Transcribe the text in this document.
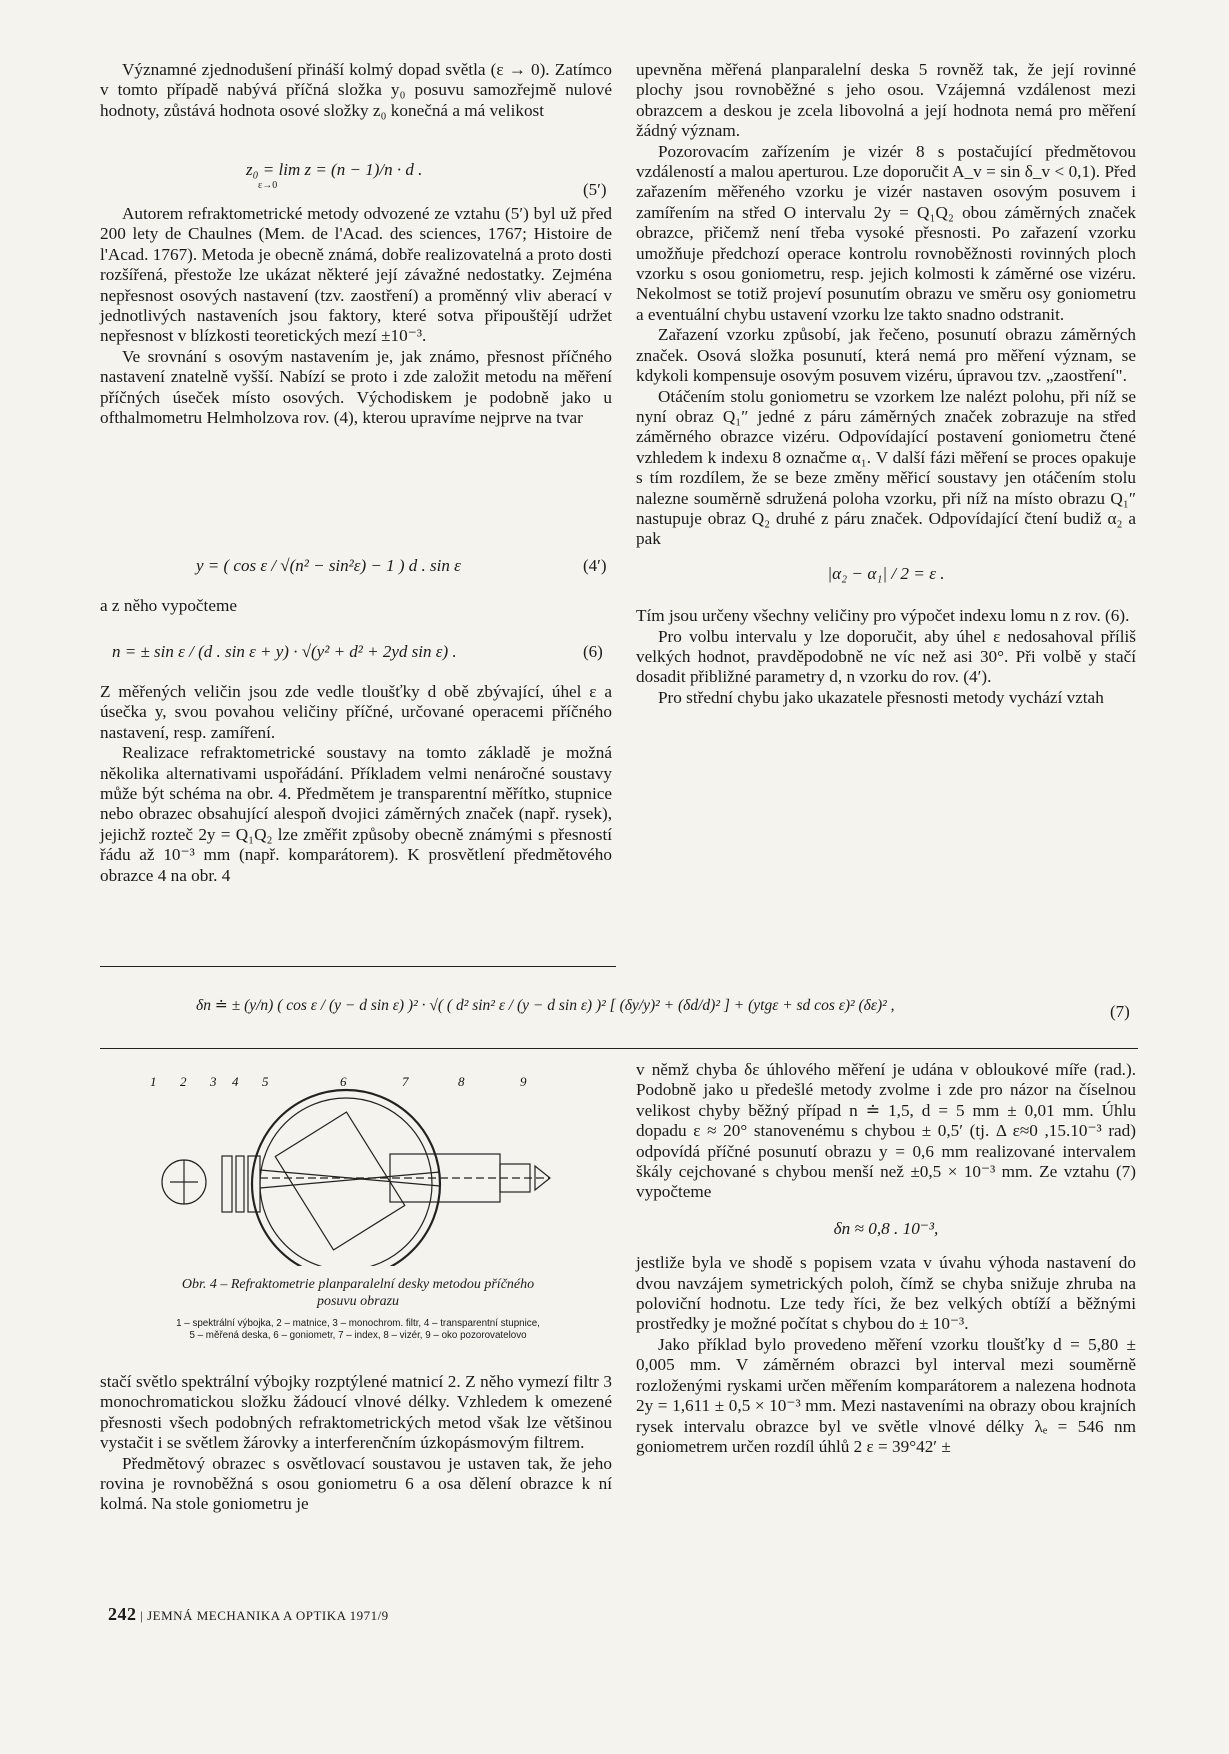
Významné zjednodušení přináší kolmý dopad světla (ε → 0). Zatímco v tomto případě nabývá příčná složka y₀ posuvu samozřejmě nulové hodnoty, zůstává hodnota osové složky z₀ konečná a má velikost

z₀ = lim z = (n − 1)/n · d .
ε→0	(5′)

Autorem refraktometrické metody odvozené ze vztahu (5′) byl už před 200 lety de Chaulnes (Mem. de l'Acad. des sciences, 1767; Histoire de l'Acad. 1767). Metoda je obecně známá, dobře realizovatelná a proto dosti rozšířená, přestože lze ukázat některé její závažné nedostatky. Zejména nepřesnost osových nastavení (tzv. zaostření) a proměnný vliv aberací v jednotlivých nastaveních jsou faktory, které sotva připouštějí udržet nepřesnost v blízkosti teoretických mezí ±10⁻³.

Ve srovnání s osovým nastavením je, jak známo, přesnost příčného nastavení znatelně vyšší. Nabízí se proto i zde založit metodu na měření příčných úseček místo osových. Východiskem je podobně jako u ofthalmometru Helmholzova rov. (4), kterou upravíme nejprve na tvar

y = ( cos ε / √(n² − sin²ε) − 1 ) d . sin ε	(4′)

a z něho vypočteme

n = ± sin ε / (d . sin ε + y) · √(y² + d² + 2yd sin ε) .	(6)

Z měřených veličin jsou zde vedle tloušťky d obě zbývající, úhel ε a úsečka y, svou povahou veličiny příčné, určované operacemi příčného nastavení, resp. zamíření.

Realizace refraktometrické soustavy na tomto základě je možná několika alternativami uspořádání. Příkladem velmi nenáročné soustavy může být schéma na obr. 4. Předmětem je transparentní měřítko, stupnice nebo obrazec obsahující alespoň dvojici záměrných značek (např. rysek), jejichž rozteč 2y = Q₁Q₂ lze změřit způsoby obecně známými s přesností řádu až 10⁻³ mm (např. komparátorem). K prosvětlení předmětového obrazce 4 na obr. 4

upevněna měřená planparalelní deska 5 rovněž tak, že její rovinné plochy jsou rovnoběžné s jeho osou. Vzájemná vzdálenost mezi obrazcem a deskou je zcela libovolná a její hodnota nemá pro měření žádný význam.

Pozorovacím zařízením je vizér 8 s postačující předmětovou vzdáleností a malou aperturou. Lze doporučit A_v = sin δ_v < 0,1). Před zařazením měřeného vzorku je vizér nastaven osovým posuvem i zamířením na střed O intervalu 2y = Q₁Q₂ obou záměrných značek obrazce, přičemž není třeba vysoké přesnosti. Po zařazení vzorku umožňuje předchozí operace kontrolu rovnoběžnosti rovinných ploch vzorku s osou goniometru, resp. jejich kolmosti k záměrné ose vizéru. Nekolmost se totiž projeví posunutím obrazu ve směru osy goniometru a eventuální chybu ustavení vzorku lze takto snadno odstranit.

Zařazení vzorku způsobí, jak řečeno, posunutí obrazu záměrných značek. Osová složka posunutí, která nemá pro měření význam, se kdykoli kompensuje osovým posuvem vizéru, úpravou tzv. „zaostření".

Otáčením stolu goniometru se vzorkem lze nalézt polohu, při níž se nyní obraz Q₁″ jedné z páru záměrných značek zobrazuje na střed záměrného obrazce vizéru. Odpovídající postavení goniometru čtené vzhledem k indexu 8 označme α₁. V další fázi měření se proces opakuje s tím rozdílem, že se beze změny měřicí soustavy jen otáčením stolu nalezne souměrně sdružená poloha vzorku, při níž na místo obrazu Q₁″ nastupuje obraz Q₂ druhé z páru značek. Odpovídající čtení budiž α₂ a pak

|α₂ − α₁| / 2 = ε .

Tím jsou určeny všechny veličiny pro výpočet indexu lomu n z rov. (6).

Pro volbu intervalu y lze doporučit, aby úhel ε nedosahoval příliš velkých hodnot, pravděpodobně ne víc než asi 30°. Při volbě y stačí dosadit přibližné parametry d, n vzorku do rov. (4′).

Pro střední chybu jako ukazatele přesnosti metody vychází vztah

δn ≐ ± (y/n) ( cos ε / (y − d sin ε) )² · √( ( d² sin² ε / (y − d sin ε) )² [ (δy/y)² + (δd/d)² ] + (ytgε + sd cos ε)² (δε)² ,	(7)
1 2 3 4 5	6	7	8	9
Obr. 4 – Refraktometrie planparalelní desky metodou příčného
posuvu obrazu
1 – spektrální výbojka, 2 – matnice, 3 – monochrom. filtr, 4 – transparentní stupnice,
5 – měřená deska, 6 – goniometr, 7 – index, 8 – vizér, 9 – oko pozorovatelovo

stačí světlo spektrální výbojky rozptýlené matnicí 2. Z něho vymezí filtr 3 monochromatickou složku žádoucí vlnové délky. Vzhledem k omezené přesnosti všech podobných refraktometrických metod však lze většinou vystačit i se světlem žárovky a interferenčním úzkopásmovým filtrem.

Předmětový obrazec s osvětlovací soustavou je ustaven tak, že jeho rovina je rovnoběžná s osou goniometru 6 a osa dělení obrazce k ní kolmá. Na stole goniometru je

v němž chyba δε úhlového měření je udána v obloukové míře (rad.). Podobně jako u předešlé metody zvolme i zde pro názor na číselnou velikost chyby běžný případ n ≐ 1,5, d = 5 mm ± 0,01 mm. Úhlu dopadu ε ≈ 20° stanovenému s chybou ± 0,5′ (tj. Δ ε≈0 ,15.10⁻³ rad) odpovídá příčné posunutí obrazu y = 0,6 mm realizované intervalem škály cejchované s chybou menší než ±0,5 × 10⁻³ mm. Ze vztahu (7) vypočteme

δn ≈ 0,8 . 10⁻³,

jestliže byla ve shodě s popisem vzata v úvahu výhoda nastavení do dvou navzájem symetrických poloh, čímž se chyba snižuje zhruba na poloviční hodnotu. Lze tedy říci, že bez velkých obtíží a běžnými prostředky je možné počítat s chybou do ± 10⁻³.

Jako příklad bylo provedeno měření vzorku tloušťky d = 5,80 ± 0,005 mm. V záměrném obrazci byl interval mezi souměrně rozloženými ryskami určen měřením komparátorem a nalezena hodnota 2y = 1,611 ± 0,5 × 10⁻³ mm. Mezi nastaveními na obrazy obou krajních rysek intervalu obrazce byl ve světle vlnové délky λₑ = 546 nm goniometrem určen rozdíl úhlů 2 ε = 39°42′ ±

242 | JEMNÁ MECHANIKA A OPTIKA 1971/9
